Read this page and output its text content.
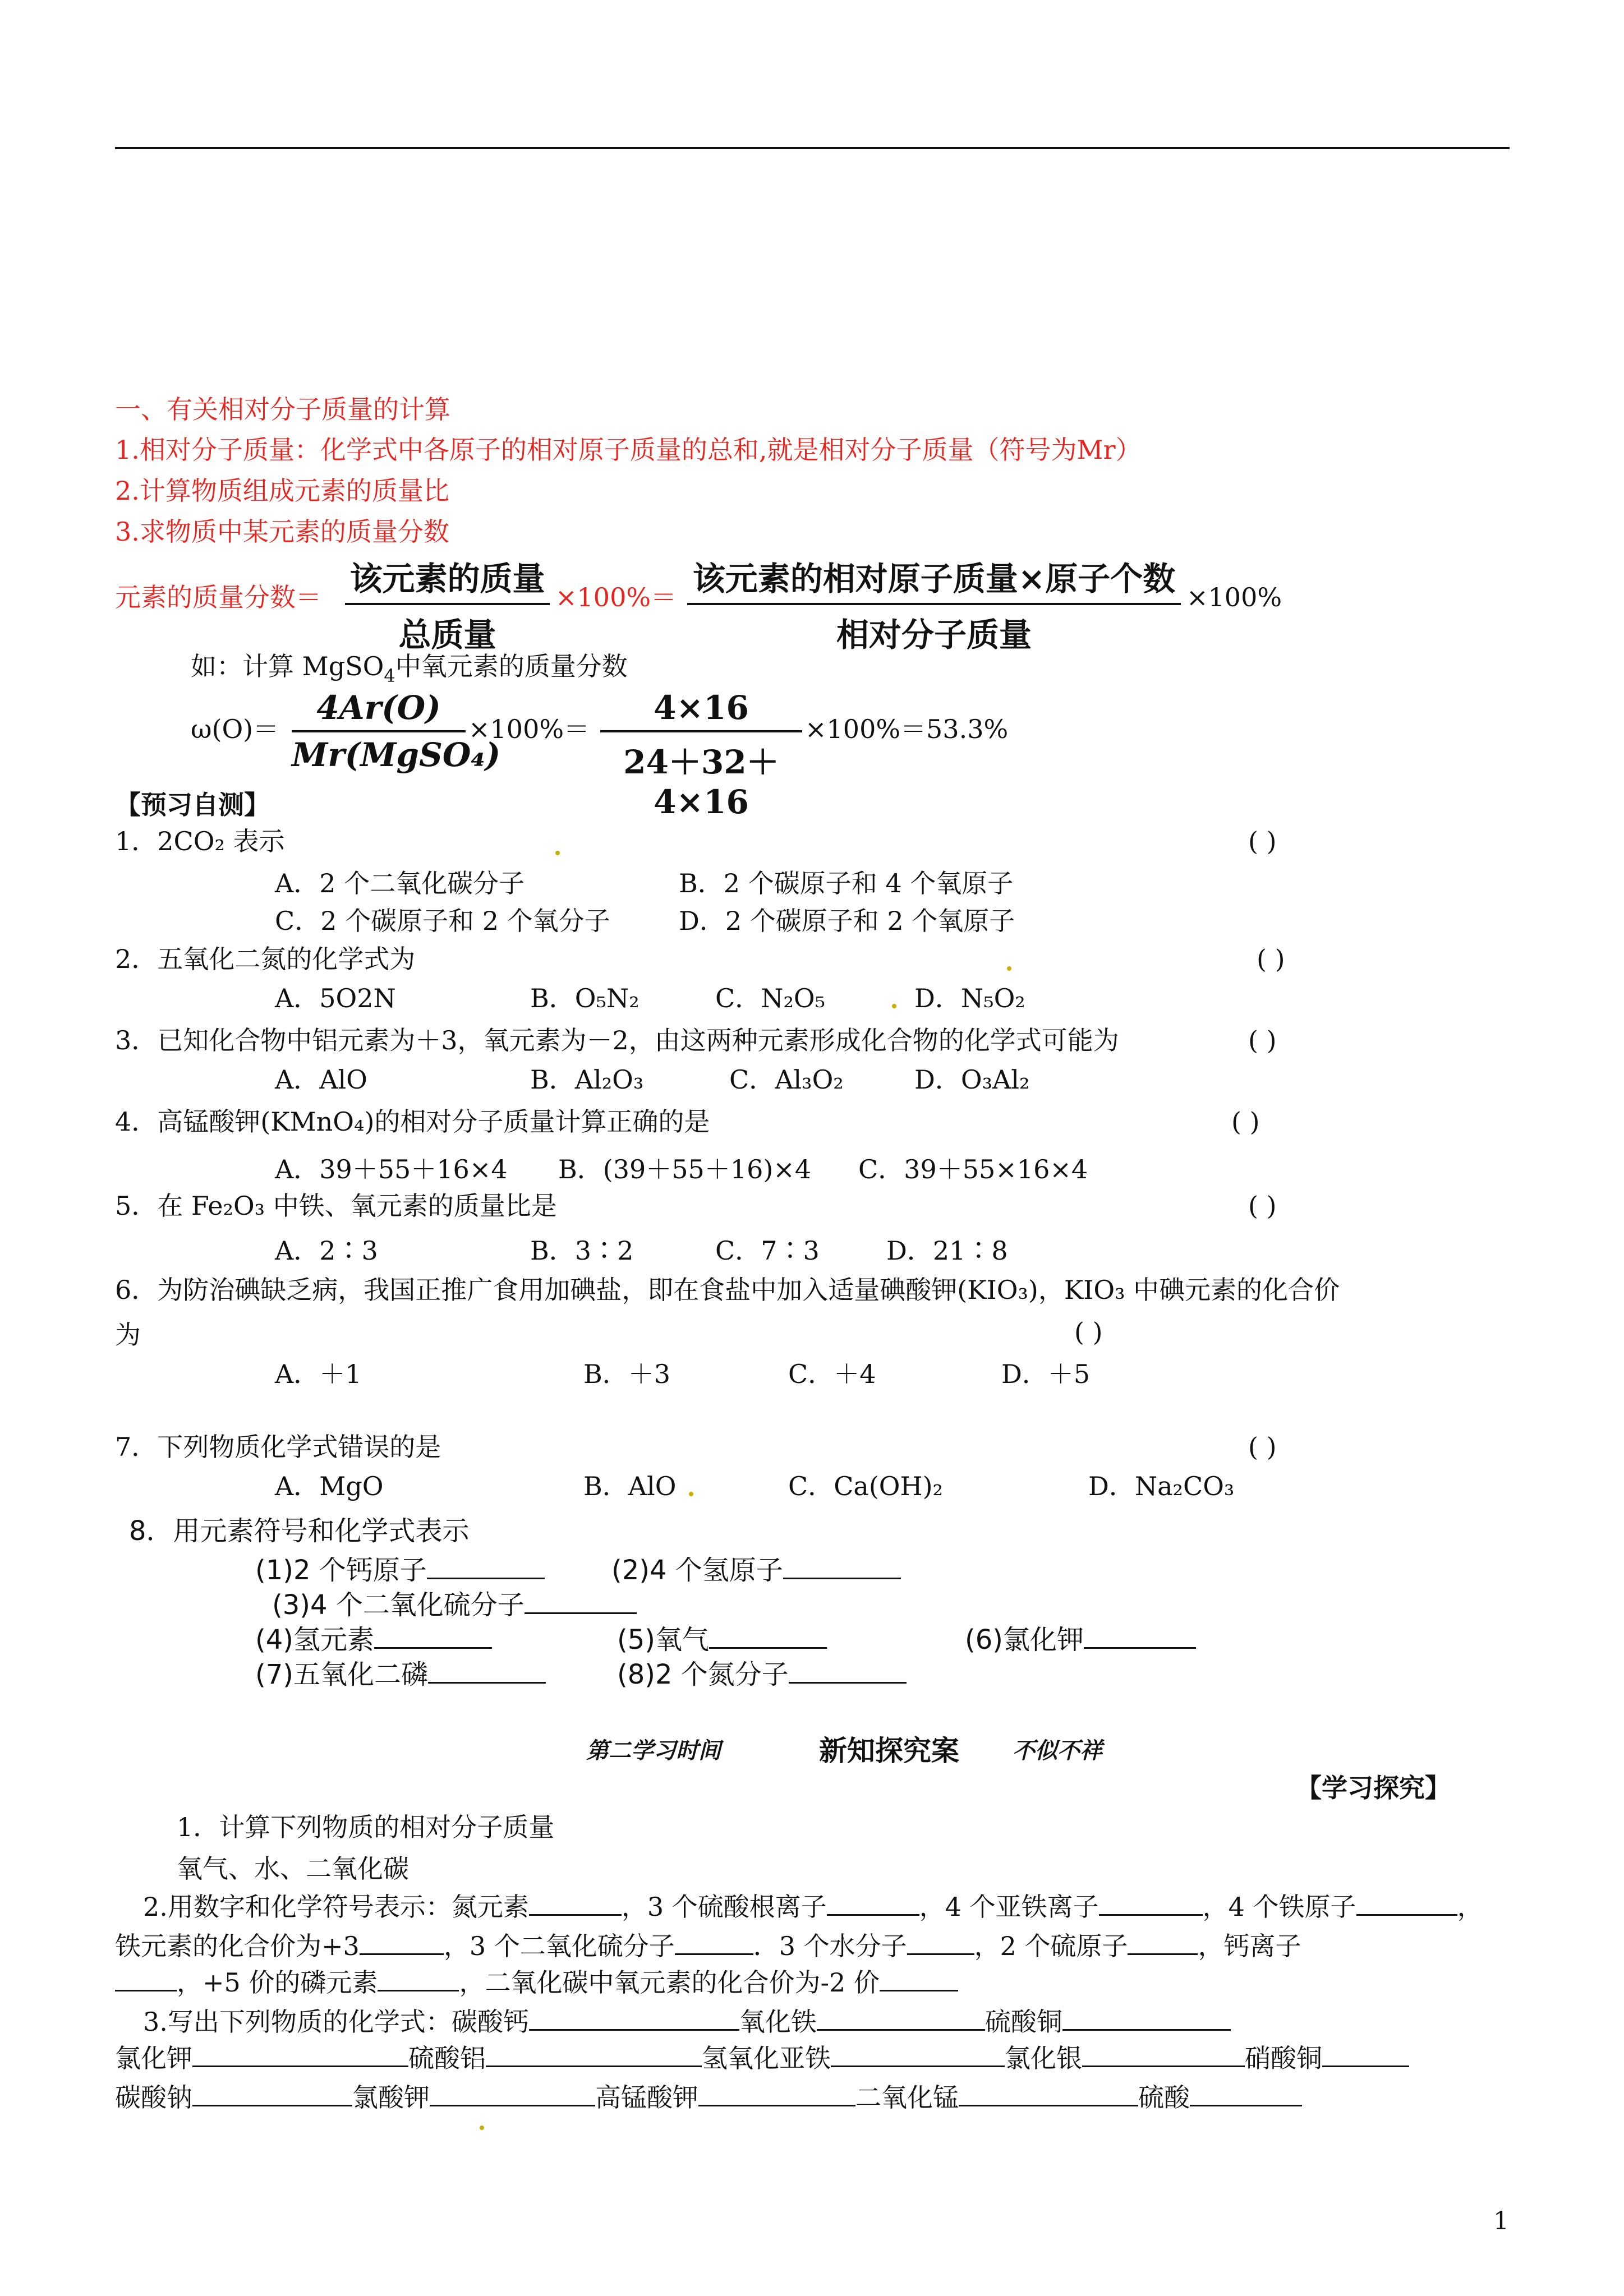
一、有关相对分子质量的计算
1.相对分子质量：化学式中各原子的相对原子质量的总和,就是相对分子质量（符号为Mr）
2.计算物质组成元素的质量比
3.求物质中某元素的质量分数
元素的质量分数＝ 该元素的质量
总质量
×100%＝ 该元素的相对原子质量×原子个数
相对分子质量
×100%
如：计算 MgSO$_4$中氧元素的质量分数
ω(O)＝
4Ar(O)
Mr(MgSO₄)
×100%＝
4×16
24＋32＋4×16
×100%＝53.3%
【预习自测】
1．2CO₂ 表示	( )
A．2 个二氧化碳分子	B．2 个碳原子和 4 个氧原子
C．2 个碳原子和 2 个氧分子	D．2 个碳原子和 2 个氧原子
2．五氧化二氮的化学式为	( )
A．5O2N	B．O₅N₂	C．N₂O₅	D．N₅O₂
3．已知化合物中铝元素为＋3，氧元素为－2，由这两种元素形成化合物的化学式可能为	( )
A．AlO	B．Al₂O₃	C．Al₃O₂	D．O₃Al₂
4．高锰酸钾(KMnO₄)的相对分子质量计算正确的是	( )
A．39＋55＋16×4 B．(39＋55＋16)×4 C．39＋55×16×4
5．在 Fe₂O₃ 中铁、氧元素的质量比是	( )
A．2∶3	B．3∶2	C．7∶3	D．21∶8
6．为防治碘缺乏病，我国正推广食用加碘盐，即在食盐中加入适量碘酸钾(KIO₃)，KIO₃ 中碘元素的化合价
为	( )
A．＋1	B．＋3	C．＋4	D．＋5
7．下列物质化学式错误的是	( )
A．MgO	B．AlO	C．Ca(OH)₂	D．Na₂CO₃
8．用元素符号和化学式表示
(1)2 个钙原子	(2)4 个氢原子
(3)4 个二氧化硫分子
(4)氢元素	(5)氧气	(6)氯化钾
(7)五氧化二磷	(8)2 个氮分子
第二学习时间	新知探究案 不似不祥
【学习探究】
1．计算下列物质的相对分子质量
氧气、水、二氧化碳
2.用数字和化学符号表示：氮元素	，3 个硫酸根离子	，4 个亚铁离子	，4 个铁原子	，
铁元素的化合价为+3	，3 个二氧化硫分子	．3 个水分子	，2 个硫原子	，钙离子
，+5 价的磷元素	，二氧化碳中氧元素的化合价为-2 价
3.写出下列物质的化学式：碳酸钙	氧化铁	硫酸铜
氯化钾	硫酸铝	氢氧化亚铁	氯化银	硝酸铜
碳酸钠	氯酸钾	高锰酸钾	二氧化锰	硫酸
1
